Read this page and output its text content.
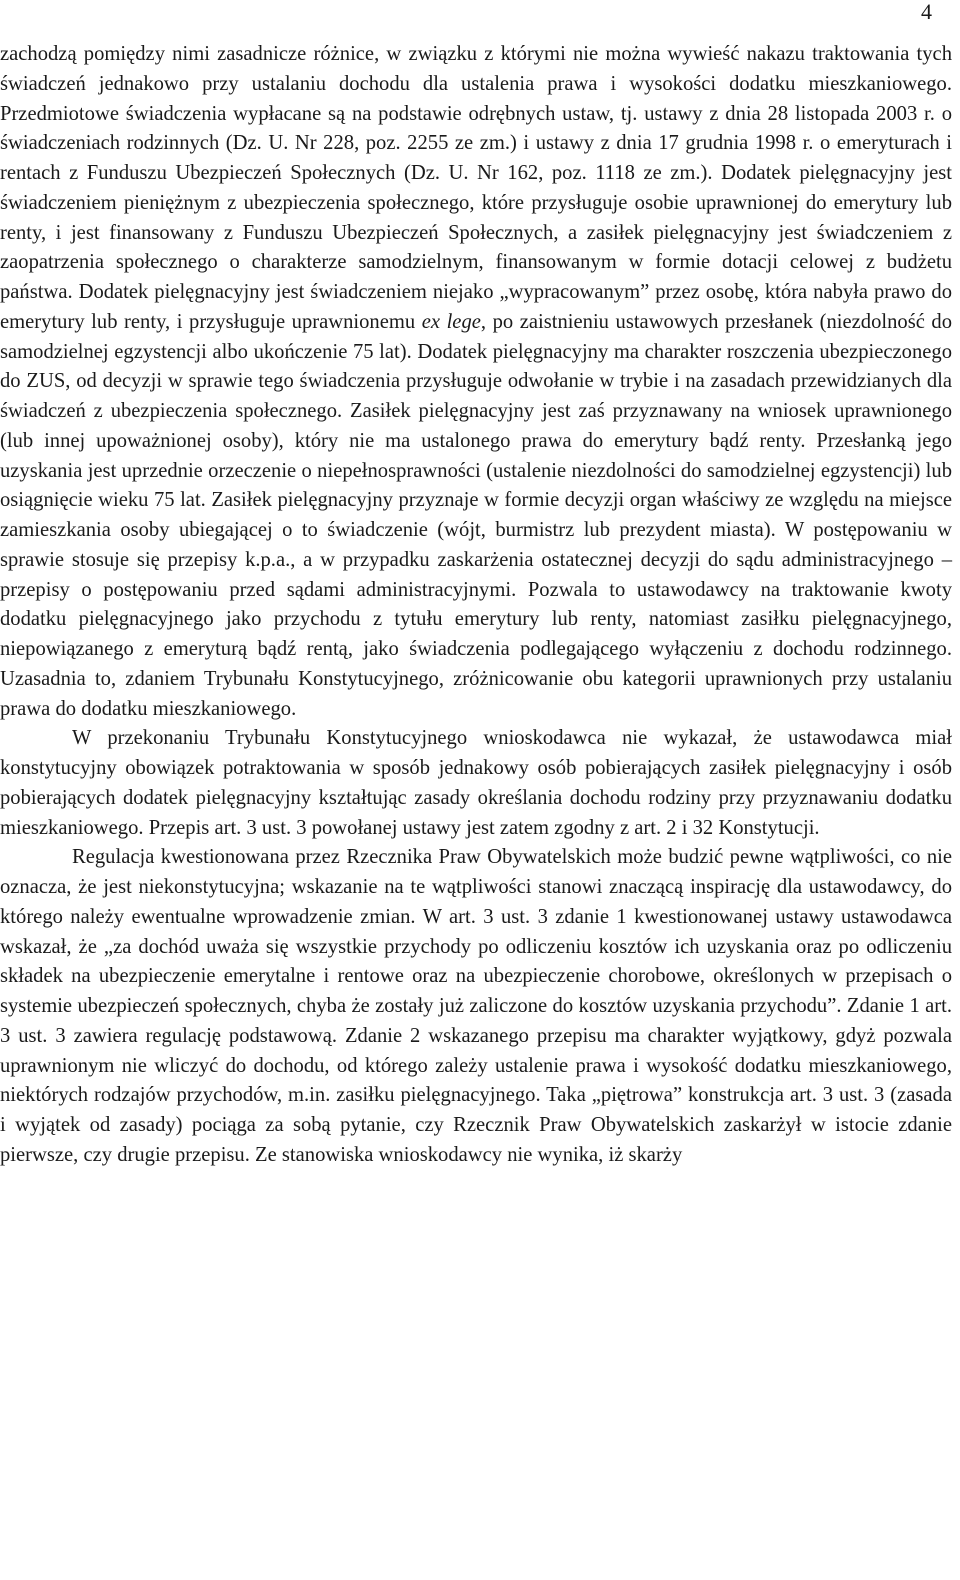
4

zachodzą pomiędzy nimi zasadnicze różnice, w związku z którymi nie można wywieść nakazu traktowania tych świadczeń jednakowo przy ustalaniu dochodu dla ustalenia prawa i wysokości dodatku mieszkaniowego. Przedmiotowe świadczenia wypłacane są na podstawie odrębnych ustaw, tj. ustawy z dnia 28 listopada 2003 r. o świadczeniach rodzinnych (Dz. U. Nr 228, poz. 2255 ze zm.) i ustawy z dnia 17 grudnia 1998 r. o emeryturach i rentach z Funduszu Ubezpieczeń Społecznych (Dz. U. Nr 162, poz. 1118 ze zm.). Dodatek pielęgnacyjny jest świadczeniem pieniężnym z ubezpieczenia społecznego, które przysługuje osobie uprawnionej do emerytury lub renty, i jest finansowany z Funduszu Ubezpieczeń Społecznych, a zasiłek pielęgnacyjny jest świadczeniem z zaopatrzenia społecznego o charakterze samodzielnym, finansowanym w formie dotacji celowej z budżetu państwa. Dodatek pielęgnacyjny jest świadczeniem niejako „wypracowanym” przez osobę, która nabyła prawo do emerytury lub renty, i przysługuje uprawnionemu ex lege, po zaistnieniu ustawowych przesłanek (niezdolność do samodzielnej egzystencji albo ukończenie 75 lat). Dodatek pielęgnacyjny ma charakter roszczenia ubezpieczonego do ZUS, od decyzji w sprawie tego świadczenia przysługuje odwołanie w trybie i na zasadach przewidzianych dla świadczeń z ubezpieczenia społecznego. Zasiłek pielęgnacyjny jest zaś przyznawany na wniosek uprawnionego (lub innej upoważnionej osoby), który nie ma ustalonego prawa do emerytury bądź renty. Przesłanką jego uzyskania jest uprzednie orzeczenie o niepełnosprawności (ustalenie niezdolności do samodzielnej egzystencji) lub osiągnięcie wieku 75 lat. Zasiłek pielęgnacyjny przyznaje w formie decyzji organ właściwy ze względu na miejsce zamieszkania osoby ubiegającej o to świadczenie (wójt, burmistrz lub prezydent miasta). W postępowaniu w sprawie stosuje się przepisy k.p.a., a w przypadku zaskarżenia ostatecznej decyzji do sądu administracyjnego – przepisy o postępowaniu przed sądami administracyjnymi. Pozwala to ustawodawcy na traktowanie kwoty dodatku pielęgnacyjnego jako przychodu z tytułu emerytury lub renty, natomiast zasiłku pielęgnacyjnego, niepowiązanego z emeryturą bądź rentą, jako świadczenia podlegającego wyłączeniu z dochodu rodzinnego. Uzasadnia to, zdaniem Trybunału Konstytucyjnego, zróżnicowanie obu kategorii uprawnionych przy ustalaniu prawa do dodatku mieszkaniowego.

W przekonaniu Trybunału Konstytucyjnego wnioskodawca nie wykazał, że ustawodawca miał konstytucyjny obowiązek potraktowania w sposób jednakowy osób pobierających zasiłek pielęgnacyjny i osób pobierających dodatek pielęgnacyjny kształtując zasady określania dochodu rodziny przy przyznawaniu dodatku mieszkaniowego. Przepis art. 3 ust. 3 powołanej ustawy jest zatem zgodny z art. 2 i 32 Konstytucji.

Regulacja kwestionowana przez Rzecznika Praw Obywatelskich może budzić pewne wątpliwości, co nie oznacza, że jest niekonstytucyjna; wskazanie na te wątpliwości stanowi znaczącą inspirację dla ustawodawcy, do którego należy ewentualne wprowadzenie zmian. W art. 3 ust. 3 zdanie 1 kwestionowanej ustawy ustawodawca wskazał, że „za dochód uważa się wszystkie przychody po odliczeniu kosztów ich uzyskania oraz po odliczeniu składek na ubezpieczenie emerytalne i rentowe oraz na ubezpieczenie chorobowe, określonych w przepisach o systemie ubezpieczeń społecznych, chyba że zostały już zaliczone do kosztów uzyskania przychodu”. Zdanie 1 art. 3 ust. 3 zawiera regulację podstawową. Zdanie 2 wskazanego przepisu ma charakter wyjątkowy, gdyż pozwala uprawnionym nie wliczyć do dochodu, od którego zależy ustalenie prawa i wysokość dodatku mieszkaniowego, niektórych rodzajów przychodów, m.in. zasiłku pielęgnacyjnego. Taka „piętrowa” konstrukcja art. 3 ust. 3 (zasada i wyjątek od zasady) pociąga za sobą pytanie, czy Rzecznik Praw Obywatelskich zaskarżył w istocie zdanie pierwsze, czy drugie przepisu. Ze stanowiska wnioskodawcy nie wynika, iż skarży
